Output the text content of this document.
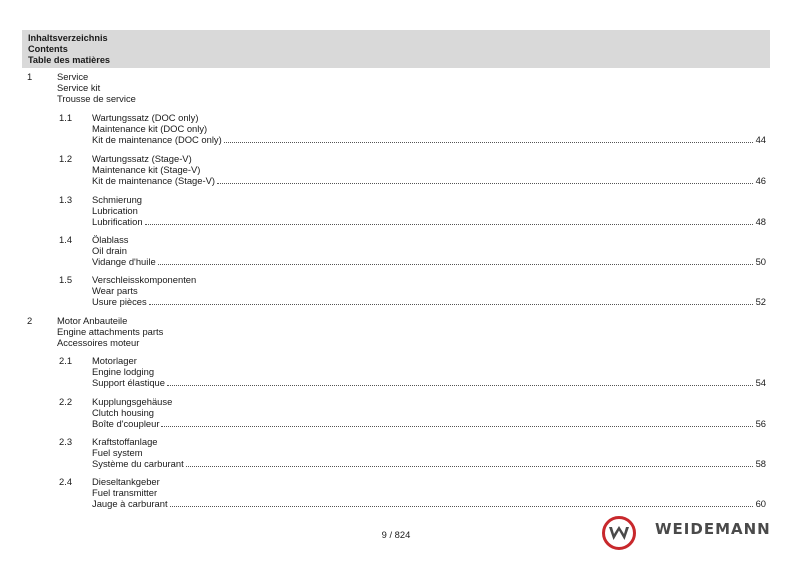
Inhaltsverzeichnis
Contents
Table des matières
1	Service
Service kit
Trousse de service
1.1 Wartungssatz (DOC only)
Maintenance kit (DOC only)
Kit de maintenance (DOC only)	44
1.2 Wartungssatz (Stage-V)
Maintenance kit (Stage-V)
Kit de maintenance (Stage-V)	46
1.3 Schmierung
Lubrication
Lubrification	48
1.4 Ölablass
Oil drain
Vidange d'huile	50
1.5 Verschleisskomponenten
Wear parts
Usure pièces	52
2	Motor Anbauteile
Engine attachments parts
Accessoires moteur
2.1 Motorlager
Engine lodging
Support élastique	54
2.2 Kupplungsgehäuse
Clutch housing
Boîte d'coupleur	56
2.3 Kraftstoffanlage
Fuel system
Système du carburant	58
2.4 Dieseltankgeber
Fuel transmitter
Jauge à carburant	60
9 / 824	WEIDEMANN
